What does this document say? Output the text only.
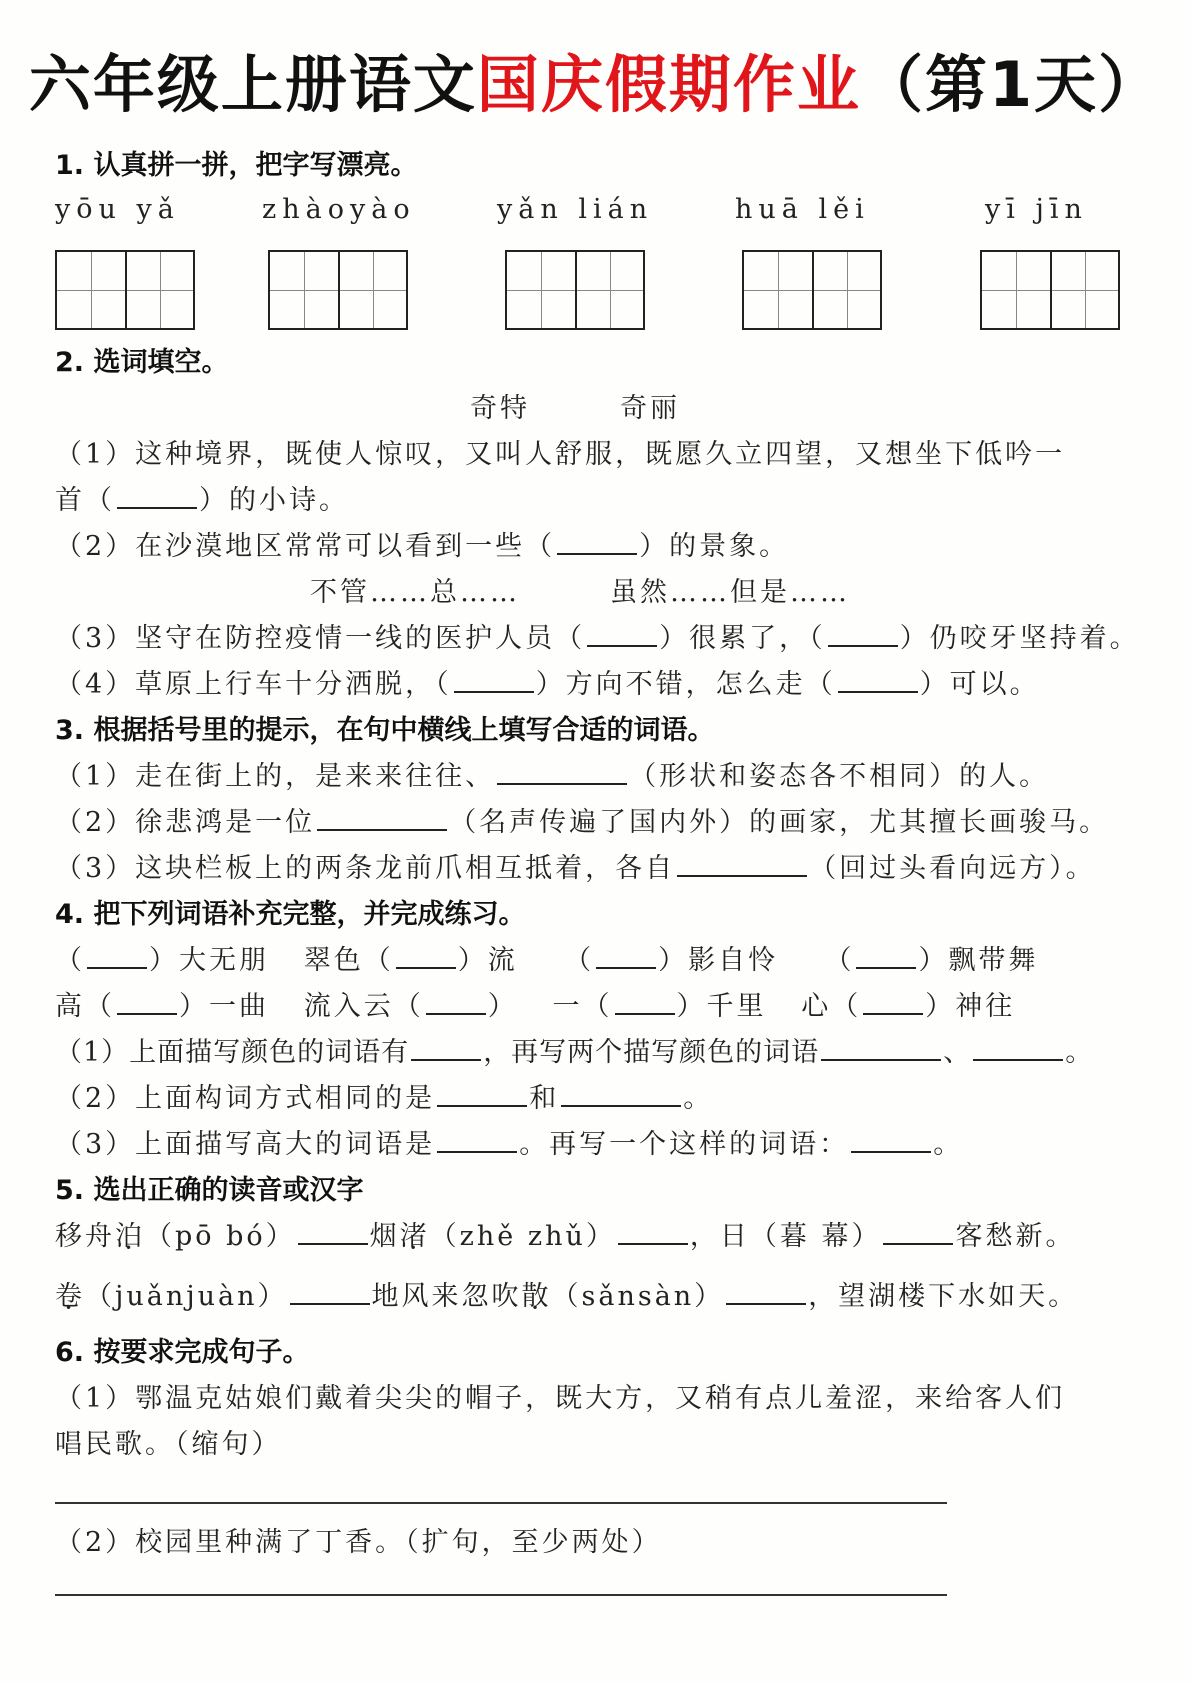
六年级上册语文国庆假期作业（第1天）
1. 认真拼一拼，把字写漂亮。
yōu yǎ	zhàoyào	yǎn lián	huā lěi	yī jīn
2. 选词填空。
奇特　　　奇丽
（1）这种境界，既使人惊叹，又叫人舒服，既愿久立四望，又想坐下低吟一
首（	）的小诗。
（2）在沙漠地区常常可以看到一些（	）的景象。
不管……总……　　　虽然……但是……
（3）坚守在防控疫情一线的医护人员（	）很累了，（	）仍咬牙坚持着。
（4）草原上行车十分洒脱，（	）方向不错，怎么走（	）可以。
3. 根据括号里的提示，在句中横线上填写合适的词语。
（1）走在街上的，是来来往往、	（形状和姿态各不相同）的人。
（2）徐悲鸿是一位	（名声传遍了国内外）的画家，尤其擅长画骏马。
（3）这块栏板上的两条龙前爪相互抵着，各自	（回过头看向远方）。
4. 把下列词语补充完整，并完成练习。
（ ）大无朋 翠色（ ）流 （ ）影自怜 （ ）飘带舞
高（ ）一曲 流入云（ ） 一（ ）千里 心（ ）神往
（1）上面描写颜色的词语有	，再写两个描写颜色的词语	、	。
（2）上面构词方式相同的是	和	。
（3）上面描写高大的词语是	。再写一个这样的词语：	。
5. 选出正确的读音或汉字
移舟泊（pō bó）	烟渚（zhě zhǔ）	，日（暮 幕）	客愁新。
卷（juǎnjuàn）	地风来忽吹散（sǎnsàn）	，望湖楼下水如天。
6. 按要求完成句子。
（1）鄂温克姑娘们戴着尖尖的帽子，既大方，又稍有点儿羞涩，来给客人们
唱民歌。（缩句）
（2）校园里种满了丁香。（扩句，至少两处）
